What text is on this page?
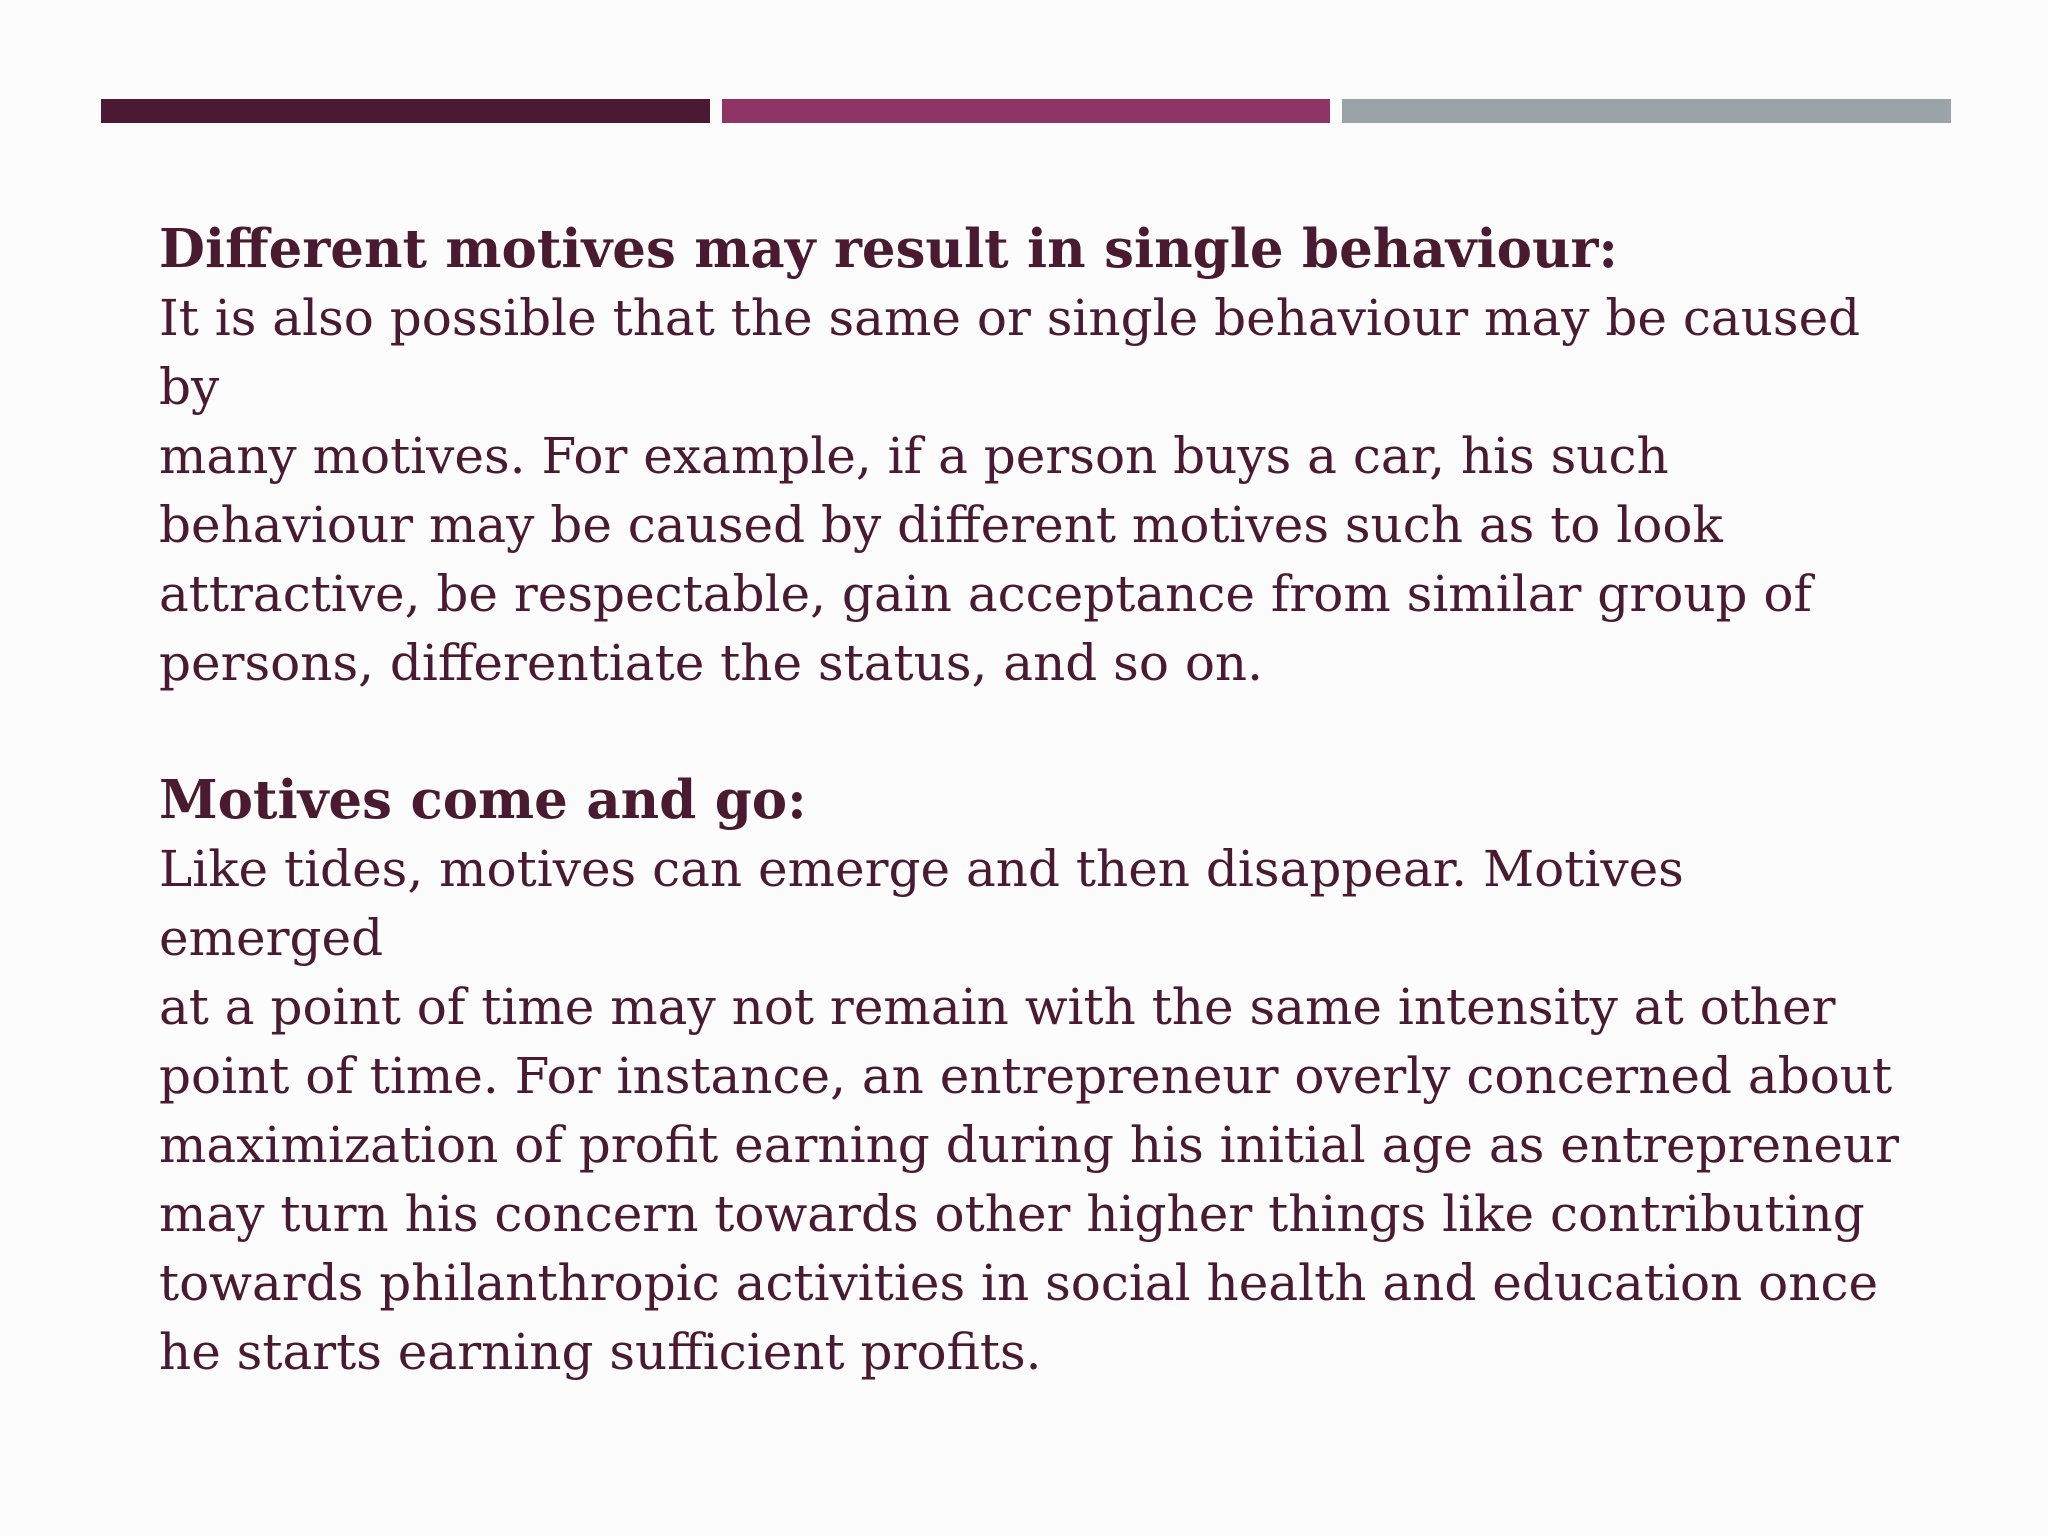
Different motives may result in single behaviour:
It is also possible that the same or single behaviour may be caused by
many motives. For example, if a person buys a car, his such
behaviour may be caused by different motives such as to look
attractive, be respectable, gain acceptance from similar group of
persons, differentiate the status, and so on.
Motives come and go:
Like tides, motives can emerge and then disappear. Motives emerged
at a point of time may not remain with the same intensity at other
point of time. For instance, an entrepreneur overly concerned about
maximization of profit earning during his initial age as entrepreneur
may turn his concern towards other higher things like contributing
towards philanthropic activities in social health and education once
he starts earning sufficient profits.
